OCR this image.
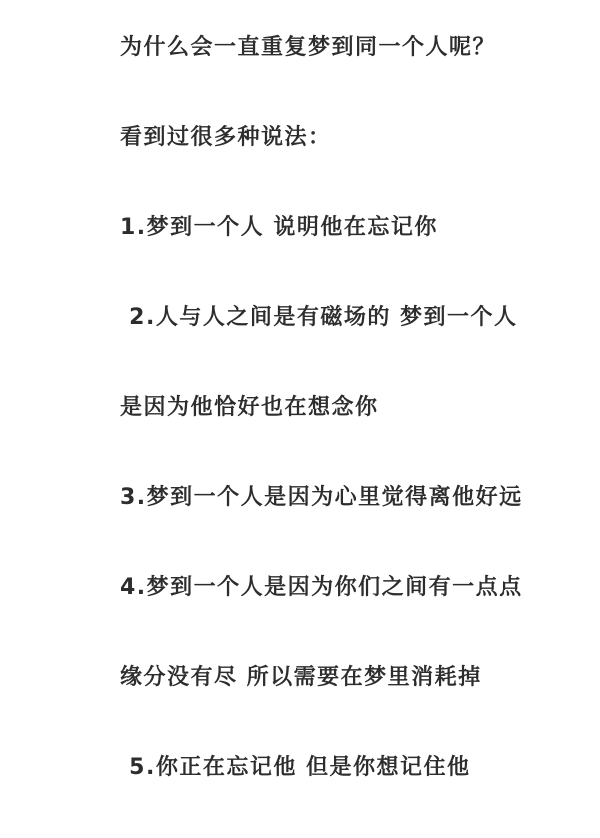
为什么会一直重复梦到同一个人呢？

看到过很多种说法：

1.梦到一个人 说明他在忘记你

2.人与人之间是有磁场的 梦到一个人

是因为他恰好也在想念你

3.梦到一个人是因为心里觉得离他好远

4.梦到一个人是因为你们之间有一点点

缘分没有尽 所以需要在梦里消耗掉

5.你正在忘记他 但是你想记住他
